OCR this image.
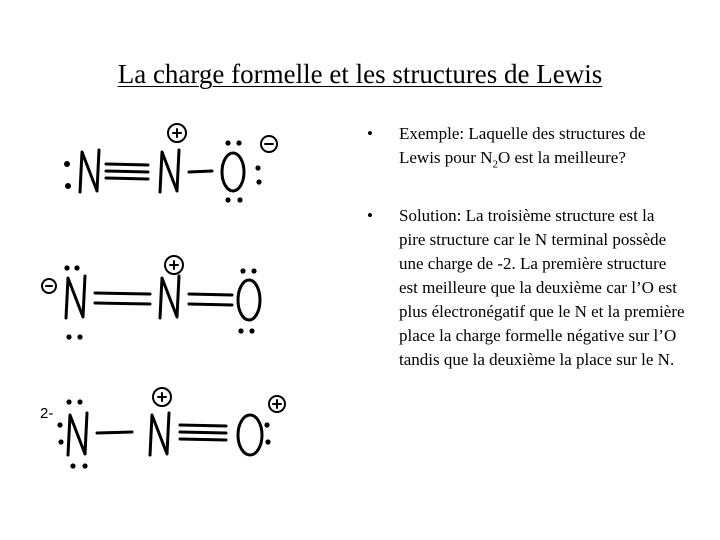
La charge formelle et les structures de Lewis
2-

• Exemple: Laquelle des structures de Lewis pour $N_2O$ est la meilleure?

• Solution: La troisième structure est la pire structure car le N terminal possède une charge de -2. La première structure est meilleure que la deuxième car l’O est plus électronégatif que le N et la première place la charge formelle négative sur l’O tandis que la deuxième la place sur le N.
